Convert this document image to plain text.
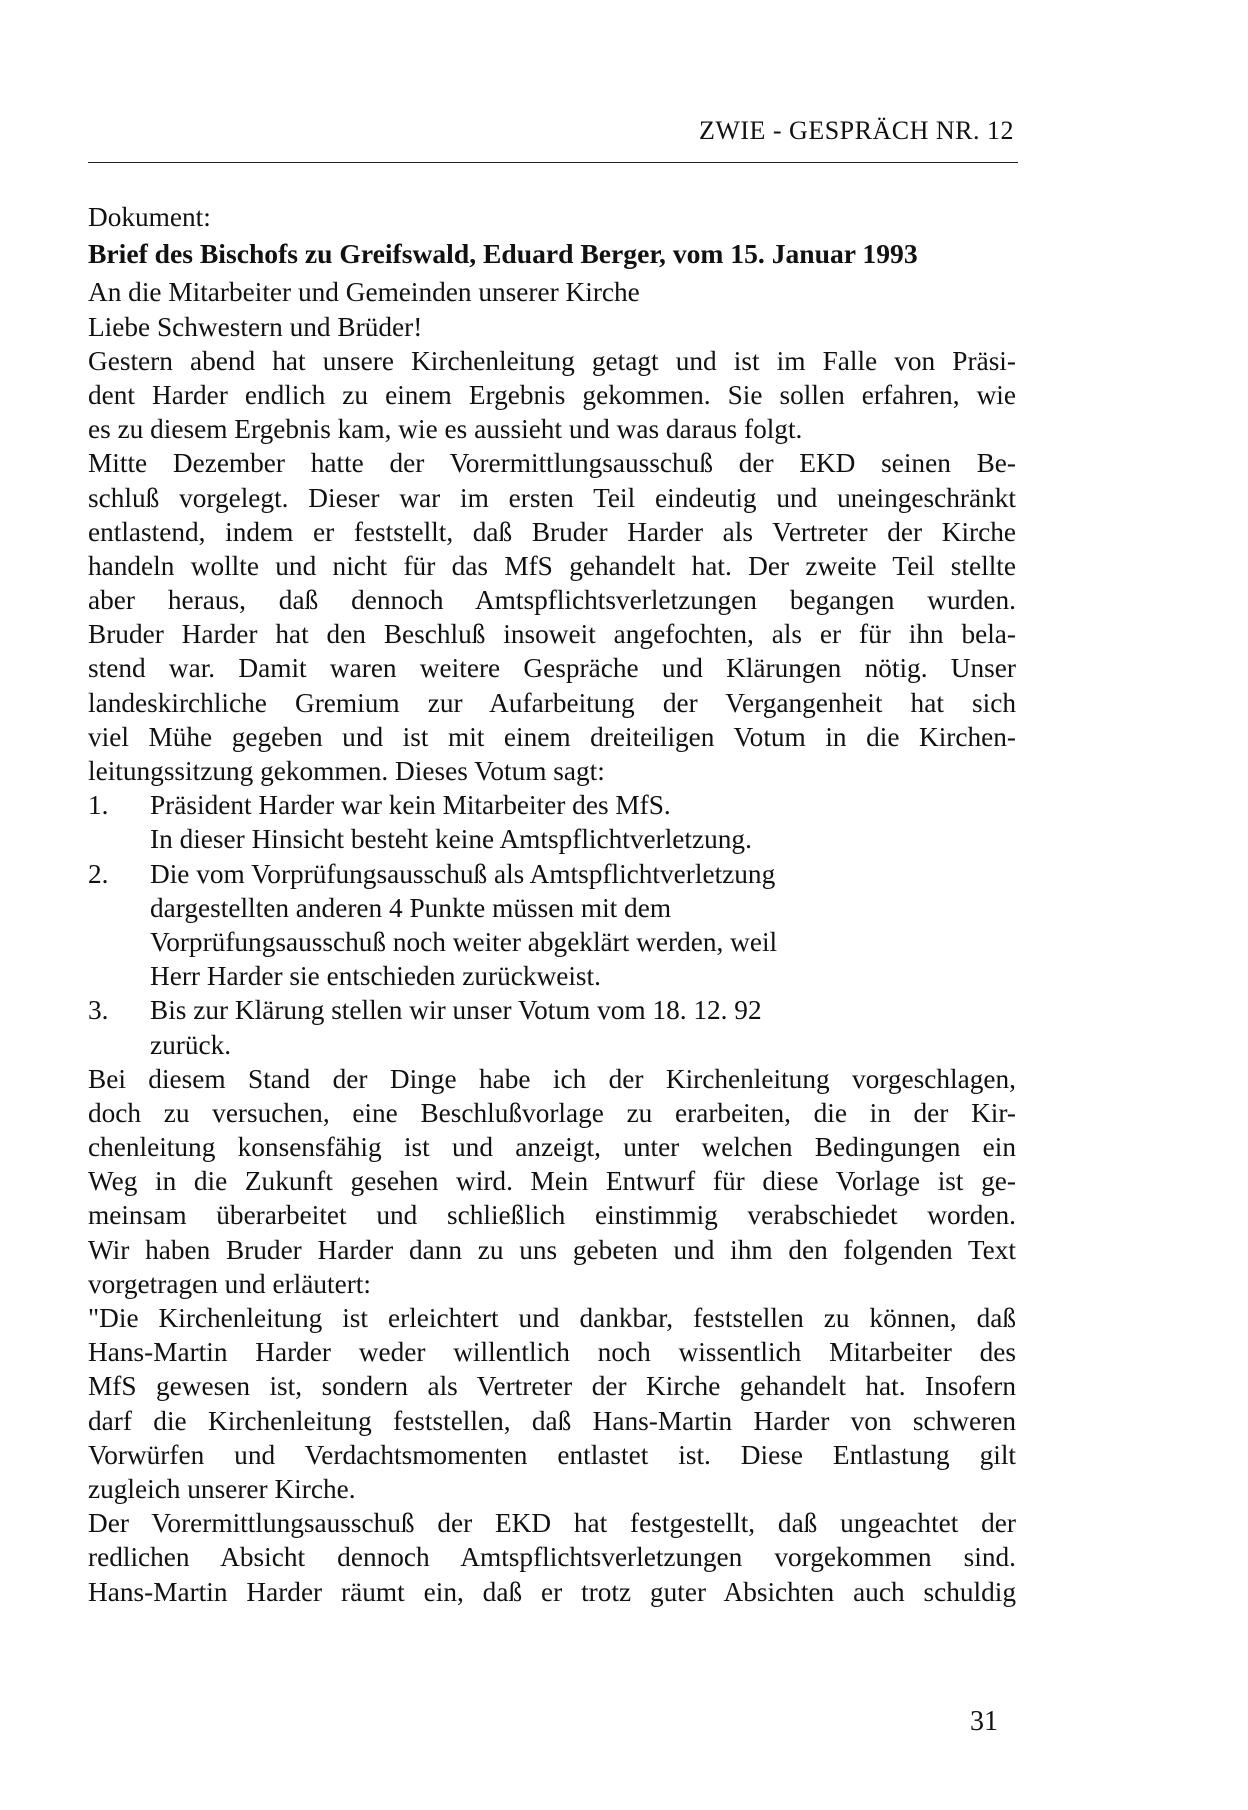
ZWIE - GESPRÄCH NR. 12
Dokument:
Brief des Bischofs zu Greifswald, Eduard Berger, vom 15. Januar 1993
An die Mitarbeiter und Gemeinden unserer Kirche
Liebe Schwestern und Brüder!
Gestern abend hat unsere Kirchenleitung getagt und ist im Falle von Präsi-
dent Harder endlich zu einem Ergebnis gekommen. Sie sollen erfahren, wie
es zu diesem Ergebnis kam, wie es aussieht und was daraus folgt.
Mitte Dezember hatte der Vorermittlungsausschuß der EKD seinen Be-
schluß vorgelegt. Dieser war im ersten Teil eindeutig und uneingeschränkt
entlastend, indem er feststellt, daß Bruder Harder als Vertreter der Kirche
handeln wollte und nicht für das MfS gehandelt hat. Der zweite Teil stellte
aber heraus, daß dennoch Amtspflichtsverletzungen begangen wurden.
Bruder Harder hat den Beschluß insoweit angefochten, als er für ihn bela-
stend war. Damit waren weitere Gespräche und Klärungen nötig. Unser
landeskirchliche Gremium zur Aufarbeitung der Vergangenheit hat sich
viel Mühe gegeben und ist mit einem dreiteiligen Votum in die Kirchen-
leitungssitzung gekommen. Dieses Votum sagt:
1. Präsident Harder war kein Mitarbeiter des MfS.
In dieser Hinsicht besteht keine Amtspflichtverletzung.
2. Die vom Vorprüfungsausschuß als Amtspflichtverletzung
dargestellten anderen 4 Punkte müssen mit dem
Vorprüfungsausschuß noch weiter abgeklärt werden, weil
Herr Harder sie entschieden zurückweist.
3. Bis zur Klärung stellen wir unser Votum vom 18. 12. 92
zurück.
Bei diesem Stand der Dinge habe ich der Kirchenleitung vorgeschlagen,
doch zu versuchen, eine Beschlußvorlage zu erarbeiten, die in der Kir-
chenleitung konsensfähig ist und anzeigt, unter welchen Bedingungen ein
Weg in die Zukunft gesehen wird. Mein Entwurf für diese Vorlage ist ge-
meinsam überarbeitet und schließlich einstimmig verabschiedet worden.
Wir haben Bruder Harder dann zu uns gebeten und ihm den folgenden Text
vorgetragen und erläutert:
"Die Kirchenleitung ist erleichtert und dankbar, feststellen zu können, daß
Hans-Martin Harder weder willentlich noch wissentlich Mitarbeiter des
MfS gewesen ist, sondern als Vertreter der Kirche gehandelt hat. Insofern
darf die Kirchenleitung feststellen, daß Hans-Martin Harder von schweren
Vorwürfen und Verdachtsmomenten entlastet ist. Diese Entlastung gilt
zugleich unserer Kirche.
Der Vorermittlungsausschuß der EKD hat festgestellt, daß ungeachtet der
redlichen Absicht dennoch Amtspflichtsverletzungen vorgekommen sind.
Hans-Martin Harder räumt ein, daß er trotz guter Absichten auch schuldig
31
